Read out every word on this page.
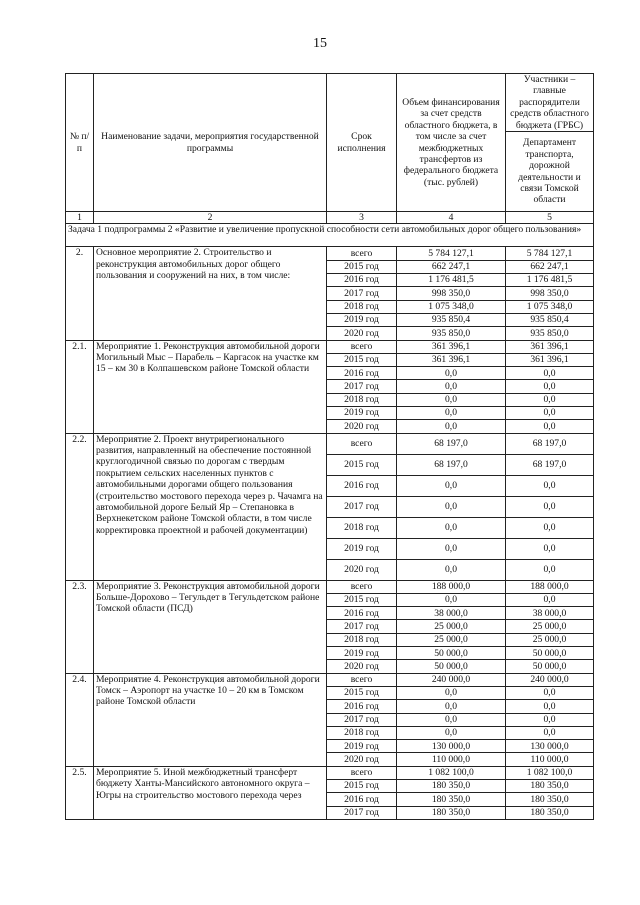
15
№ п/п	Наименование задачи, мероприятия государственной программы	Срок исполнения	Объем финансирования за счет средств областного бюджета, в том числе за счет межбюджетных трансфертов из федерального бюджета (тыс. рублей)	Участники – главные распорядители средств областного бюджета (ГРБС)
				Департамент транспорта, дорожной деятельности и связи Томской области
1	2	3	4	5
Задача 1 подпрограммы 2 «Развитие и увеличение пропускной способности сети автомобильных дорог общего пользования»				
2.	Основное мероприятие 2. Строительство и реконструкция автомобильных дорог общего пользования и сооружений на них, в том числе:	всего	5 784 127,1	5 784 127,1
		2015 год	662 247,1	662 247,1
		2016 год	1 176 481,5	1 176 481,5
		2017 год	998 350,0	998 350,0
		2018 год	1 075 348,0	1 075 348,0
		2019 год	935 850,4	935 850,4
		2020 год	935 850,0	935 850,0
2.1.	Мероприятие 1. Реконструкция автомобильной дороги Могильный Мыс – Парабель – Каргасок на участке км 15 – км 30 в Колпашевском районе Томской области	всего	361 396,1	361 396,1
		2015 год	361 396,1	361 396,1
		2016 год	0,0	0,0
		2017 год	0,0	0,0
		2018 год	0,0	0,0
		2019 год	0,0	0,0
		2020 год	0,0	0,0
2.2.	Мероприятие 2. Проект внутрирегионального развития, направленный на обеспечение постоянной круглогодичной связью по дорогам с твердым покрытием сельских населенных пунктов с автомобильными дорогами общего пользования (строительство мостового перехода через р. Чачамга на автомобильной дороге Белый Яр – Степановка в Верхнекетском районе Томской области, в том числе корректировка проектной и рабочей документации)	всего	68 197,0	68 197,0
		2015 год	68 197,0	68 197,0
		2016 год	0,0	0,0
		2017 год	0,0	0,0
		2018 год	0,0	0,0
		2019 год	0,0	0,0
		2020 год	0,0	0,0
2.3.	Мероприятие 3. Реконструкция автомобильной дороги Больше-Дорохово – Тегульдет в Тегульдетском районе Томской области (ПСД)	всего	188 000,0	188 000,0
		2015 год	0,0	0,0
		2016 год	38 000,0	38 000,0
		2017 год	25 000,0	25 000,0
		2018 год	25 000,0	25 000,0
		2019 год	50 000,0	50 000,0
		2020 год	50 000,0	50 000,0
2.4.	Мероприятие 4. Реконструкция автомобильной дороги Томск – Аэропорт на участке 10 – 20 км в Томском районе Томской области	всего	240 000,0	240 000,0
		2015 год	0,0	0,0
		2016 год	0,0	0,0
		2017 год	0,0	0,0
		2018 год	0,0	0,0
		2019 год	130 000,0	130 000,0
		2020 год	110 000,0	110 000,0
2.5.	Мероприятие 5. Иной межбюджетный трансферт бюджету Ханты-Мансийского автономного округа – Югры на строительство мостового перехода через	всего	1 082 100,0	1 082 100,0
		2015 год	180 350,0	180 350,0
		2016 год	180 350,0	180 350,0
		2017 год	180 350,0	180 350,0
